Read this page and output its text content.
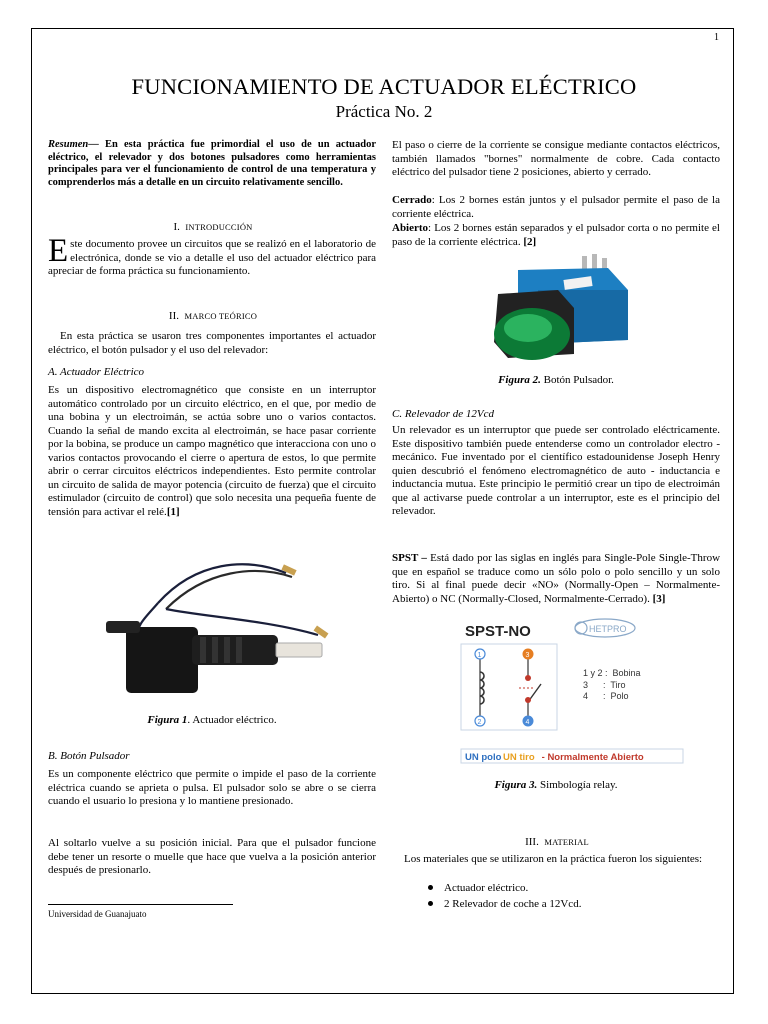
1
FUNCIONAMIENTO DE ACTUADOR ELÉCTRICO
Práctica No. 2

Resumen— En esta práctica fue primordial el uso de un actuador eléctrico, el relevador y dos botones pulsadores como herramientas principales para ver el funcionamiento de control de una temperatura y comprenderlos más a detalle en un circuito relativamente sencillo.

I. INTRODUCCIÓN

Este documento provee un circuitos que se realizó en el laboratorio de electrónica, donde se vio a detalle el uso del actuador eléctrico para apreciar de forma práctica su funcionamiento.

II. MARCO TEÓRICO
En esta práctica se usaron tres componentes importantes el actuador eléctrico, el botón pulsador y el uso del relevador:
A. Actuador Eléctrico

Es un dispositivo electromagnético que consiste en un interruptor automático controlado por un circuito eléctrico, en el que, por medio de una bobina y un electroimán, se actúa sobre uno o varios contactos. Cuando la señal de mando excita al electroimán, se hace pasar corriente por la bobina, se produce un campo magnético que interacciona con uno o varios contactos provocando el cierre o apertura de estos, lo que permite abrir o cerrar circuitos eléctricos independientes. Esto permite controlar un circuito de salida de mayor potencia (circuito de fuerza) que el circuito estimulador (circuito de control) que solo necesita una pequeña fuente de tensión para activar el relé.[1]

Figura 1. Actuador eléctrico.
B. Botón Pulsador
Es un componente eléctrico que permite o impide el paso de la corriente eléctrica cuando se aprieta o pulsa. El pulsador solo se abre o se cierra cuando el usuario lo presiona y lo mantiene presionado.
Al soltarlo vuelve a su posición inicial. Para que el pulsador funcione debe tener un resorte o muelle que hace que vuelva a la posición anterior después de presionarlo.
Universidad de Guanajuato
El paso o cierre de la corriente se consigue mediante contactos eléctricos, también llamados "bornes" normalmente de cobre. Cada contacto eléctrico del pulsador tiene 2 posiciones, abierto y cerrado.

Cerrado: Los 2 bornes están juntos y el pulsador permite el paso de la corriente eléctrica.

Abierto: Los 2 bornes están separados y el pulsador corta o no permite el paso de la corriente eléctrica. [2]

Figura 2. Botón Pulsador.
C. Relevador de 12Vcd
Un relevador es un interruptor que puede ser controlado eléctricamente. Este dispositivo también puede entenderse como un controlador electro - mecánico. Fue inventado por el científico estadounidense Joseph Henry quien descubrió el fenómeno electromagnético de auto - inductancia e inductancia mutua. Este principio le permitió crear un tipo de electroimán que al activarse puede controlar a un interruptor, este es el principio del relevador.

SPST – Está dado por las siglas en inglés para Single-Pole Single-Throw que en español se traduce como un sólo polo o polo sencillo y un solo tiro. Si al final puede decir «NO» (Normally-Open – Normalmente-Abierto) o NC (Normally-Closed, Normalmente-Cerrado). [3]

SPST-NO	HETPRO
1
2
3
4
1 y 2 :  Bobina
3      :  Tiro
4      :  Polo
UN polo UN tiro - Normalmente Abierto
Figura 3. Simbología relay.
III. MATERIAL
Los materiales que se utilizaron en la práctica fueron los siguientes:
Actuador eléctrico.
2 Relevador de coche a 12Vcd.
